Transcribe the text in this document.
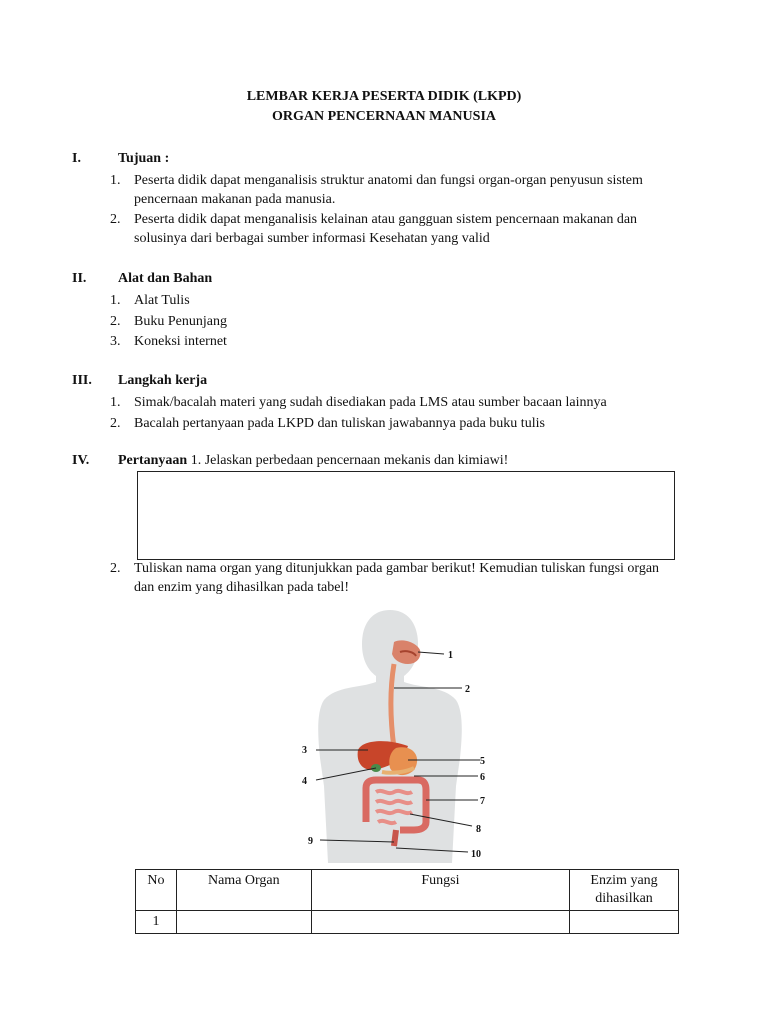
LEMBAR KERJA PESERTA DIDIK (LKPD)
ORGAN PENCERNAAN MANUSIA
I.	Tujuan :
1. Peserta didik dapat menganalisis struktur anatomi dan fungsi organ-organ penyusun sistem pencernaan makanan pada manusia.
2. Peserta didik dapat menganalisis kelainan atau gangguan sistem pencernaan makanan dan solusinya dari berbagai sumber informasi Kesehatan yang valid
II. Alat dan Bahan
1. Alat Tulis
2. Buku Penunjang
3. Koneksi internet
III. Langkah kerja
1. Simak/bacalah materi yang sudah disediakan pada LMS atau sumber bacaan lainnya
2. Bacalah pertanyaan pada LKPD dan tuliskan jawabannya pada buku tulis
IV. Pertanyaan 1. Jelaskan perbedaan pencernaan mekanis dan kimiawi!
2. Tuliskan nama organ yang ditunjukkan pada gambar berikut! Kemudian tuliskan fungsi organ dan enzim yang dihasilkan pada tabel!
1
2
3
4
5
6
7
8
9
10
No	Nama Organ	Fungsi	Enzim yang dihasilkan
1			
